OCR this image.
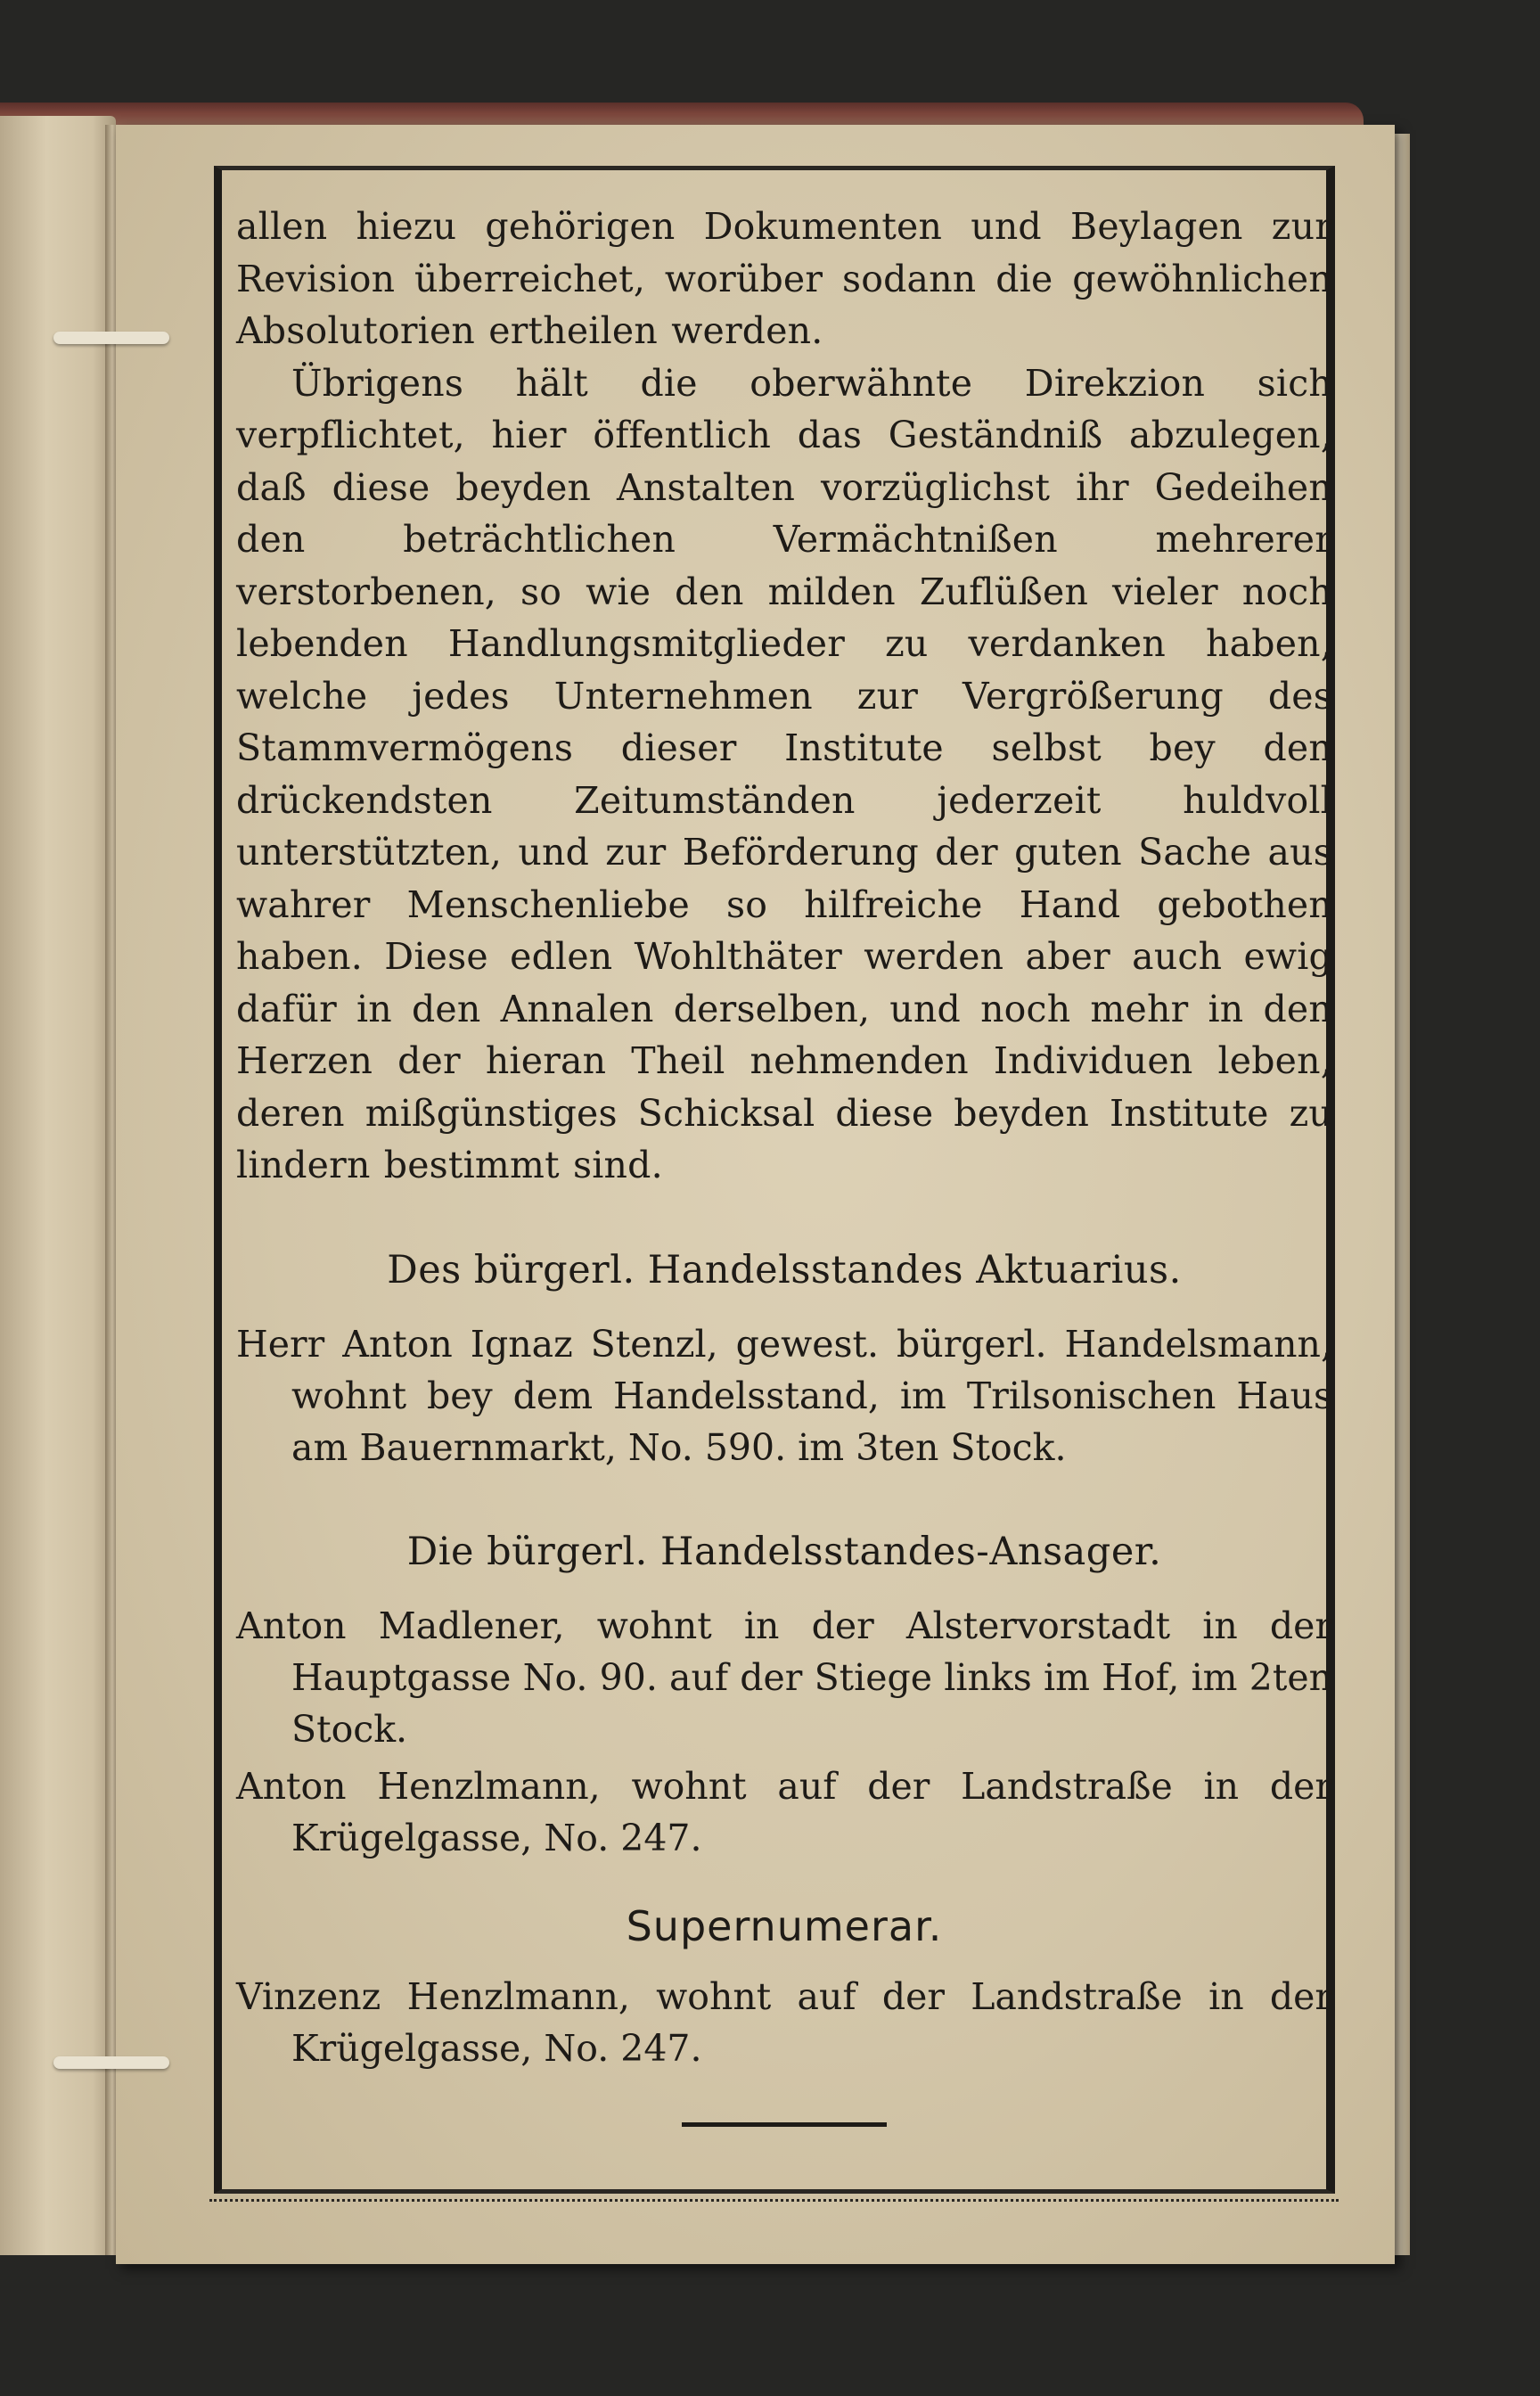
allen hiezu gehörigen Dokumenten und Beylagen zur Revision überreichet, worüber sodann die gewöhnlichen Absolutorien ertheilen werden.

Übrigens hält die oberwähnte Direkzion sich verpflichtet, hier öffentlich das Geständniß abzulegen, daß diese beyden Anstalten vorzüglichst ihr Gedeihen den beträchtlichen Vermächtnißen mehrerer verstorbenen, so wie den milden Zuflüßen vieler noch lebenden Handlungsmitglieder zu verdanken haben, welche jedes Unternehmen zur Vergrößerung des Stammvermögens dieser Institute selbst bey den drückendsten Zeitumständen jederzeit huldvoll unterstützten, und zur Beförderung der guten Sache aus wahrer Menschenliebe so hilfreiche Hand gebothen haben. Diese edlen Wohlthäter werden aber auch ewig dafür in den Annalen derselben, und noch mehr in den Herzen der hieran Theil nehmenden Individuen leben, deren mißgünstiges Schicksal diese beyden Institute zu lindern bestimmt sind.

Des bürgerl. Handelsstandes Aktuarius.

Herr Anton Ignaz Stenzl, gewest. bürgerl. Handelsmann, wohnt bey dem Handelsstand, im Trilsonischen Haus am Bauernmarkt, No. 590. im 3ten Stock.

Die bürgerl. Handelsstandes-Ansager.

Anton Madlener, wohnt in der Alstervorstadt in der Hauptgasse No. 90. auf der Stiege links im Hof, im 2ten Stock.

Anton Henzlmann, wohnt auf der Landstraße in der Krügelgasse, No. 247.

Supernumerar.

Vinzenz Henzlmann, wohnt auf der Landstraße in der Krügelgasse, No. 247.
